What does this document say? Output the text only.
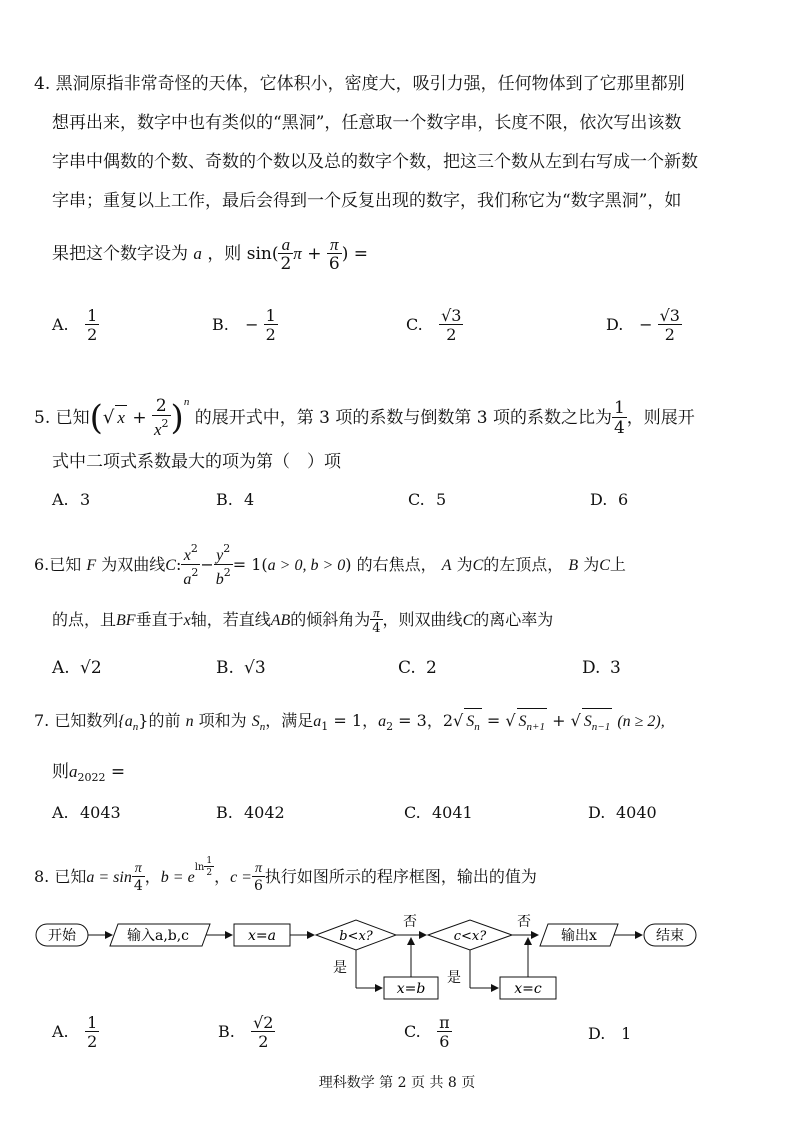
4. 黑洞原指非常奇怪的天体，它体积小，密度大，吸引力强，任何物体到了它那里都别
想再出来，数字中也有类似的“黑洞”，任意取一个数字串，长度不限，依次写出该数
字串中偶数的个数、奇数的个数以及总的数字个数，把这三个数从左到右写成一个新数
字串；重复以上工作，最后会得到一个反复出现的数字，我们称它为“数字黑洞”，如
果把这个数字设为 a ，则 $\sin( \frac{a}{2}$ $\pi + \frac{\pi}{6}$ ) =
A. $\frac{1}{2}$	B. − $\frac{1}{2}$	C. $\frac{√3}{2}$	D. − $\frac{√3}{2}$
5. 已知(√ $x + \frac{2}{x^2} )^n$ 的展开式中，第 3 项的系数与倒数第 3 项的系数之比为 $\frac{1}{4}$ ，则展开
式中二项式系数最大的项为第（　）项
A. 3	B. 4	C. 5	D. 6
6.已知 F 为双曲线C: $\frac{x^2}{a^2} - \frac{y^2}{b^2} = 1(a > 0$, b > 0) 的右焦点， A 为C的左顶点， B 为C上
的点，且BF垂直于x轴，若直线AB的倾斜角为 $\frac{\pi}{4}$ ，则双曲线C的离心率为
A. √2	B. √3	C. 2	D. 3
7. 已知数列$\{a_n\}$的前 n 项和为 $S_n$，满足$a_1 = 1$，$a_2 = 3$，2√ $S_n$ = √ $S_{n+1}$ + √ $S_{n-1}$ (n ≥ 2),
则$a_{2022}$ =
A. 4043	B. 4042	C. 4041	D. 4040
8. 已知$a = \sin \frac{\pi}{4}$ ，$b = e^{ln \frac{1}{2}}$ ，$c = \frac{\pi}{6}$ 执行如图所示的程序框图，输出的值为
开始	输入a,b,c	x=a	b<x?
否
是
x=b
c<x?
否
是
x=c
输出x	结束
A. $\frac{1}{2}$	B. $\frac{√2}{2}$	C. $\frac{\pi}{6}$	D. 1
理科数学 第 2 页 共 8 页
